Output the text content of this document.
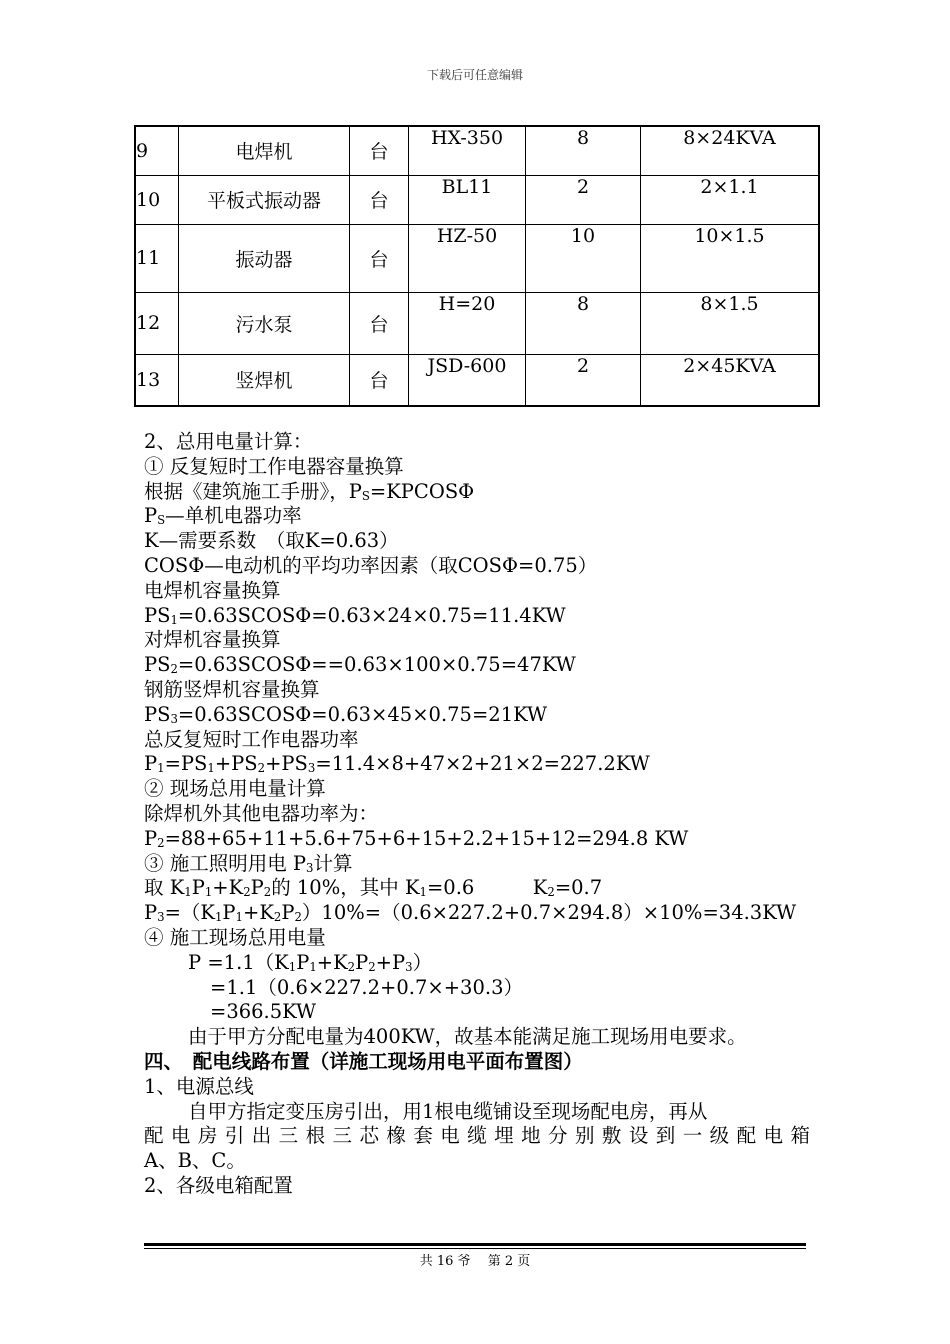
下载后可任意编辑
9	电焊机	台	HX-350	8	8×24KVA
10	平板式振动器	台	BL11	2	2×1.1
11	振动器	台	HZ-50	10	10×1.5
12	污水泵	台	H=20	8	8×1.5
13	竖焊机	台	JSD-600	2	2×45KVA
2、总用电量计算：
① 反复短时工作电器容量换算
根据《建筑施工手册》，PS=KPCOSΦ
PS—单机电器功率
K—需要系数　（取K=0.63）
COSΦ—电动机的平均功率因素（取COSΦ=0.75）
电焊机容量换算
PS1=0.63SCOSΦ=0.63×24×0.75=11.4KW
对焊机容量换算
PS2=0.63SCOSΦ==0.63×100×0.75=47KW
钢筋竖焊机容量换算
PS3=0.63SCOSΦ=0.63×45×0.75=21KW
总反复短时工作电器功率
P1=PS1+PS2+PS3=11.4×8+47×2+21×2=227.2KW
② 现场总用电量计算
除焊机外其他电器功率为：
P2=88+65+11+5.6+75+6+15+2.2+15+12=294.8 KW
③ 施工照明用电 P3计算
取 K1P1+K2P2的 10%，其中 K1=0.6　　　K2=0.7
P3=（K1P1+K2P2）10%=（0.6×227.2+0.7×294.8）×10%=34.3KW
④ 施工现场总用电量
P =1.1（K1P1+K2P2+P3）
=1.1（0.6×227.2+0.7×+30.3）
=366.5KW
由于甲方分配电量为400KW，故基本能满足施工现场用电要求。
四、　配电线路布置（详施工现场用电平面布置图）
1、电源总线
自甲方指定变压房引出，用1根电缆铺设至现场配电房，再从
配电房引出三根三芯橡套电缆埋地分别敷设到一级配电箱
A、B、C。
2、各级电箱配置
共 16 爷　 第 2 页
